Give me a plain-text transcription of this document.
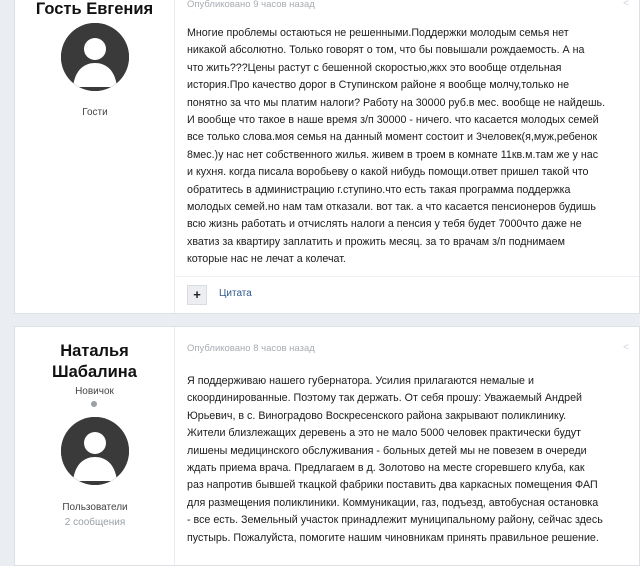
Гость Евгения
Гости
Опубликовано 9 часов назад	<

Многие проблемы остаються не решенными.Поддержки молодым семья нет

никакой абсолютно. Только говорят о том, что бы повышали рождаемость. А на

что жить???Цены растут с бешенной скоростью,жкх это вообще отдельная

история.Про качество дорог в Ступинском районе я вообще молчу,только не

понятно за что мы платим налоги? Работу на 30000 руб.в мес. вообще не найдешь.

И вообще что такое в наше время з/п 30000 - ничего. что касается молодых семей

все только слова.моя семья на данный момент состоит и 3человек(я,муж,ребенок

8мес.)у нас нет собственного жилья. живем в троем в комнате 11кв.м.там же у нас

и кухня. когда писала воробьеву о какой нибудь помощи.ответ пришел такой что

обратитесь в администрацию г.ступино.что есть такая программа поддержка

молодых семей.но нам там отказали. вот так. а что касается пенсионеров будишь

всю жизнь работать и отчислять налоги а пенсия у тебя будет 7000что даже не

хватиз за квартиру заплатить и прожить месяц. за то врачам з/п поднимаем

которые нас не лечат а колечат.

+	Цитата
Наталья
Шабалина
Новичок
Пользователи
2 сообщения
Опубликовано 8 часов назад	<

Я поддерживаю нашего губернатора. Усилия прилагаются немалые и

скоординированные. Поэтому так держать. От себя прошу: Уважаемый Андрей

Юрьевич, в с. Виноградово Воскресенского района закрывают поликлинику.

Жители близлежащих деревень а это не мало 5000 человек практически будут

лишены медицинского обслуживания - больных детей мы не повезем в очереди

ждать приема врача. Предлагаем в д. Золотово на месте сгоревшего клуба, как

раз напротив бывшей ткацкой фабрики поставить два каркасных помещения ФАП

для размещения поликлиники. Коммуникации, газ, подъезд, автобусная остановка

- все есть. Земельный участок принадлежит муниципальному району, сейчас здесь

пустырь. Пожалуйста, помогите нашим чиновникам принять правильное решение.
